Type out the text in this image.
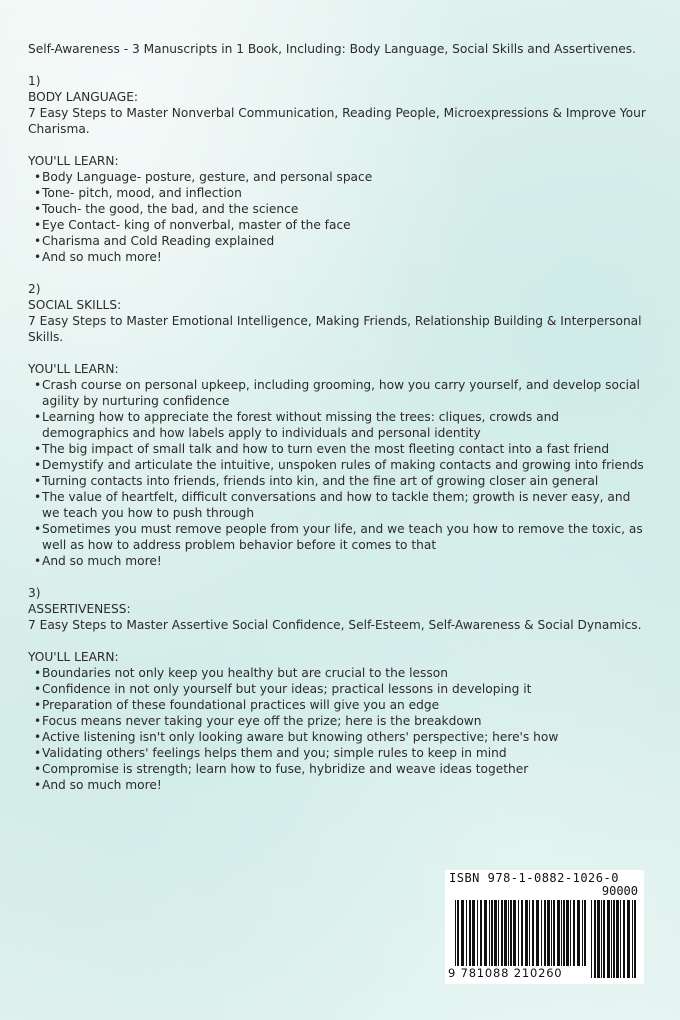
Self-Awareness - 3 Manuscripts in 1 Book, Including: Body Language, Social Skills and Assertivenes.

1)

BODY LANGUAGE:

7 Easy Steps to Master Nonverbal Communication, Reading People, Microexpressions & Improve Your Charisma.

YOU'LL LEARN:

• Body Language- posture, gesture, and personal space
• Tone- pitch, mood, and inflection
• Touch- the good, the bad, and the science
• Eye Contact- king of nonverbal, master of the face
• Charisma and Cold Reading explained
• And so much more!

2)

SOCIAL SKILLS:

7 Easy Steps to Master Emotional Intelligence, Making Friends, Relationship Building & Interpersonal Skills.

YOU'LL LEARN:

• Crash course on personal upkeep, including grooming, how you carry yourself, and develop social agility by nurturing confidence
• Learning how to appreciate the forest without missing the trees: cliques, crowds and demographics and how labels apply to individuals and personal identity
• The big impact of small talk and how to turn even the most fleeting contact into a fast friend
• Demystify and articulate the intuitive, unspoken rules of making contacts and growing into friends
• Turning contacts into friends, friends into kin, and the fine art of growing closer ain general
• The value of heartfelt, difficult conversations and how to tackle them; growth is never easy, and we teach you how to push through
• Sometimes you must remove people from your life, and we teach you how to remove the toxic, as well as how to address problem behavior before it comes to that
• And so much more!

3)

ASSERTIVENESS:

7 Easy Steps to Master Assertive Social Confidence, Self-Esteem, Self-Awareness & Social Dynamics.

YOU'LL LEARN:

• Boundaries not only keep you healthy but are crucial to the lesson
• Confidence in not only yourself but your ideas; practical lessons in developing it
• Preparation of these foundational practices will give you an edge
• Focus means never taking your eye off the prize; here is the breakdown
• Active listening isn't only looking aware but knowing others' perspective; here's how
• Validating others' feelings helps them and you; simple rules to keep in mind
• Compromise is strength; learn how to fuse, hybridize and weave ideas together
• And so much more!
ISBN 978-1-0882-1026-0
90000
9 781088 210260
